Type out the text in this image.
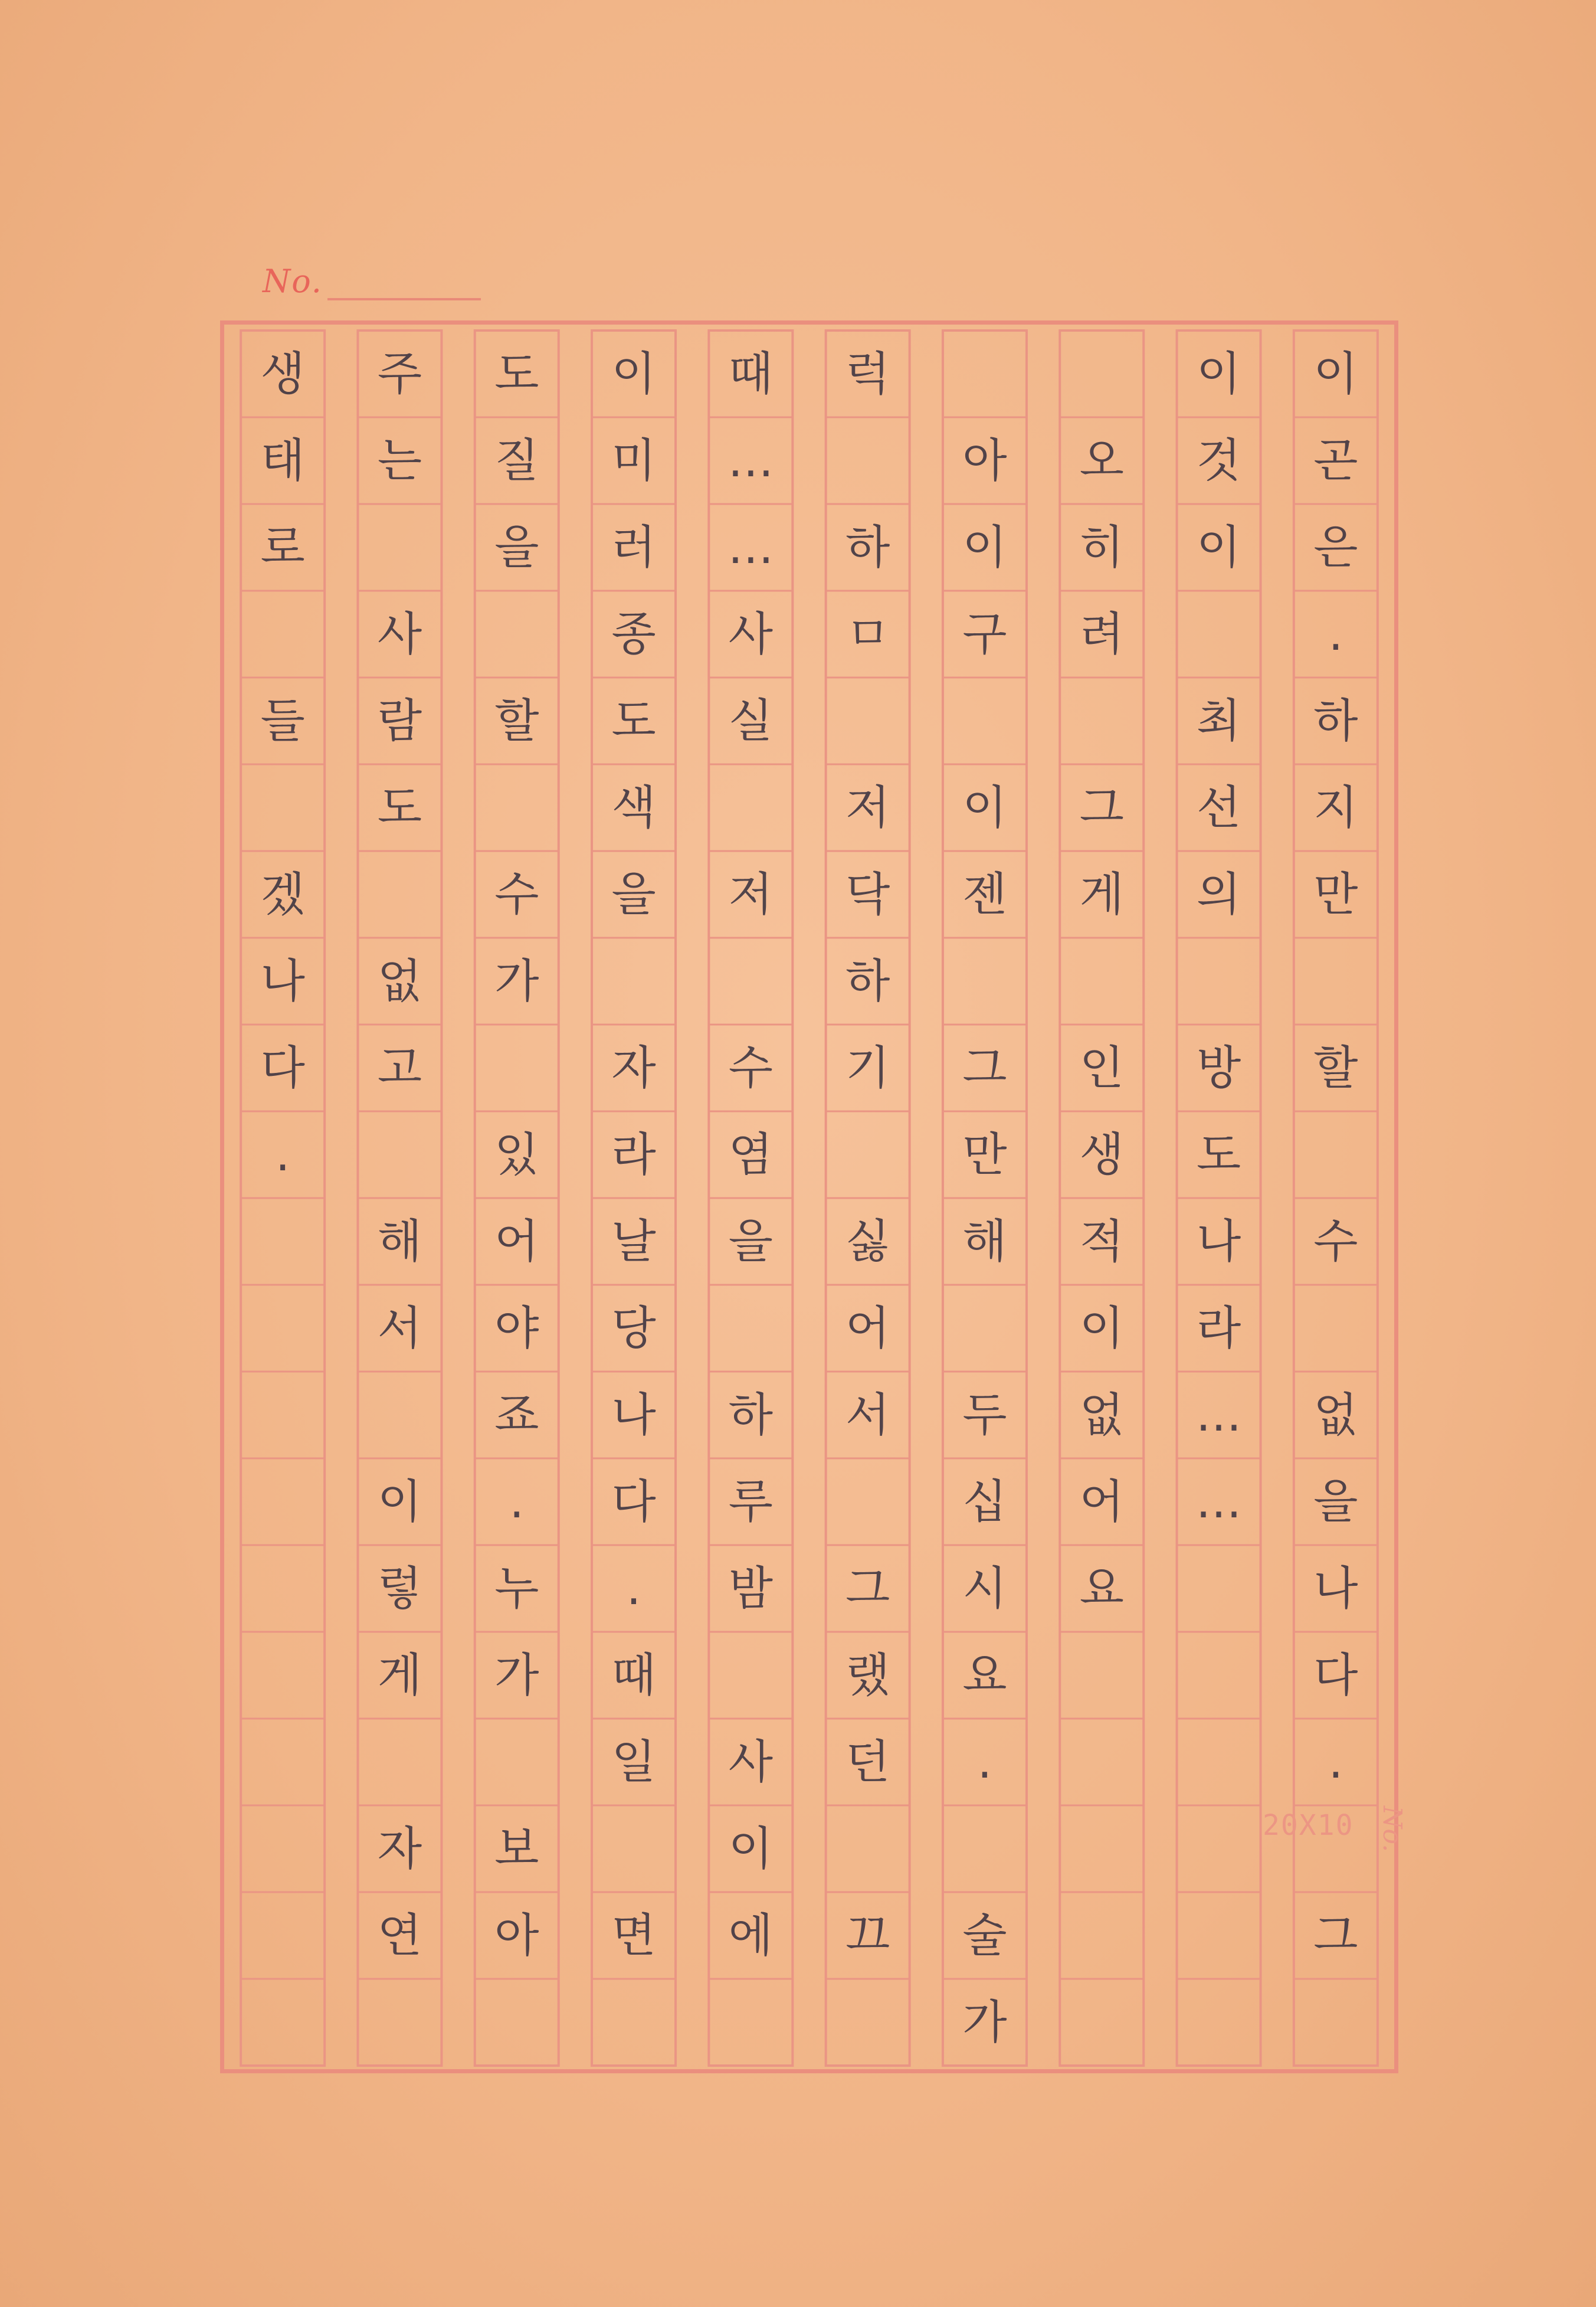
No.
이
곤
은
.
하
지
만
할
수
없
을
나
다
.
그
이
것
이
최
선
의
방
도
나
라
…
…
오
히
려
그
게
인
생
적
이
없
어
요
아
이
구
이
젠
그
만
해
두
십
시
요
.
술
가
럭
하
ㅁ
저
닥
하
기
싫
어
서
그
랬
던
끄
때
…
…
사
실
저
수
염
을
하
루
밤
사
이
에
이
미
러
종
도
색
을
자
라
날
당
나
다
.
때
일
면
도
질
을
할
수
가
있
어
야
죠
.
누
가
보
아
주
는
사
람
도
없
고
해
서
이
렇
게
자
연
생
태
로
들
겠
나
다
.
20X10 No.
